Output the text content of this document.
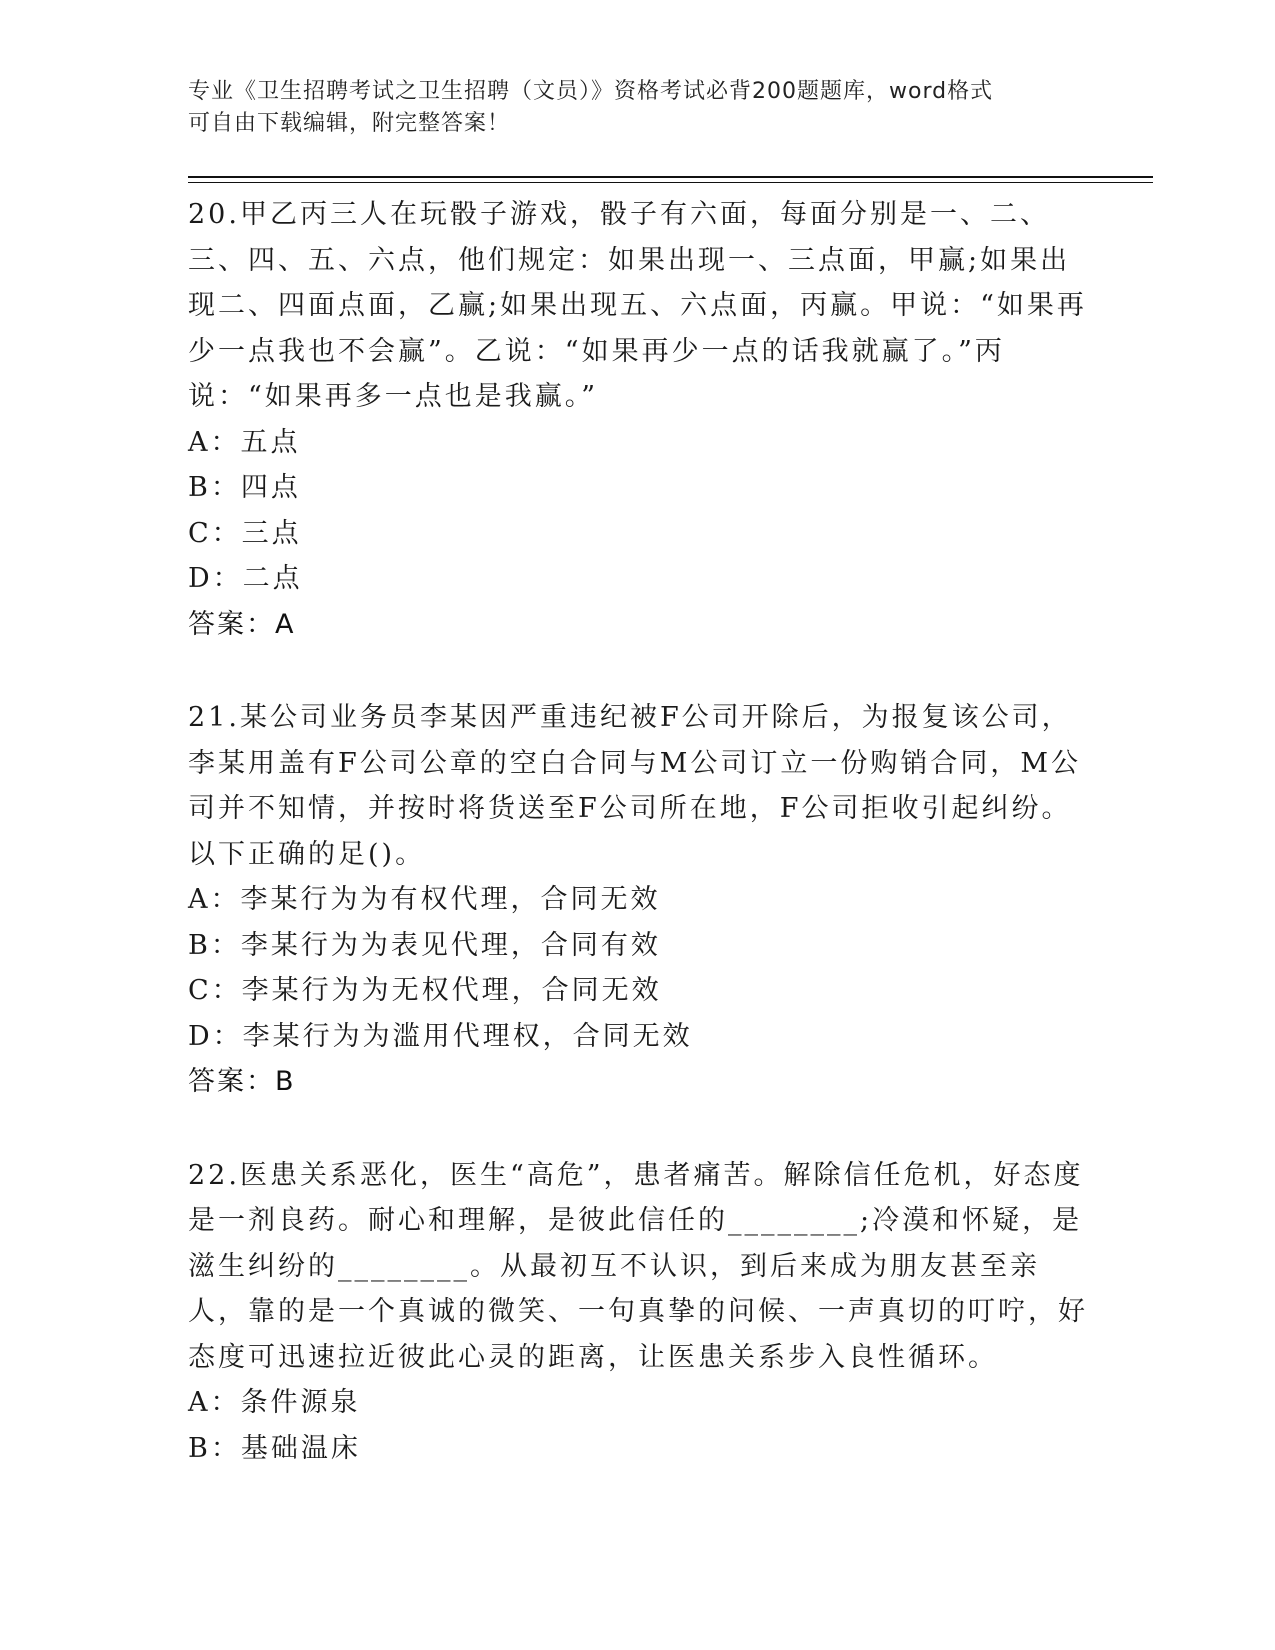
专业《卫生招聘考试之卫生招聘（文员）》资格考试必背200题题库，word格式
可自由下载编辑，附完整答案！

20.甲乙丙三人在玩骰子游戏，骰子有六面，每面分别是一、二、三、四、五、六点，他们规定：如果出现一、三点面，甲赢;如果出现二、四面点面，乙赢;如果出现五、六点面，丙赢。甲说：“如果再少一点我也不会赢”。乙说：“如果再少一点的话我就赢了。”丙说：“如果再多一点也是我赢。”

A：五点

B：四点

C：三点

D：二点

答案：A

21.某公司业务员李某因严重违纪被F公司开除后，为报复该公司，李某用盖有F公司公章的空白合同与M公司订立一份购销合同，M公司并不知情，并按时将货送至F公司所在地，F公司拒收引起纠纷。以下正确的足()。

A：李某行为为有权代理，合同无效

B：李某行为为表见代理，合同有效

C：李某行为为无权代理，合同无效

D：李某行为为滥用代理权，合同无效

答案：B

22.医患关系恶化，医生“高危”，患者痛苦。解除信任危机，好态度是一剂良药。耐心和理解，是彼此信任的________;冷漠和怀疑，是滋生纠纷的________。从最初互不认识，到后来成为朋友甚至亲人，靠的是一个真诚的微笑、一句真挚的问候、一声真切的叮咛，好态度可迅速拉近彼此心灵的距离，让医患关系步入良性循环。

A：条件源泉

B：基础温床
